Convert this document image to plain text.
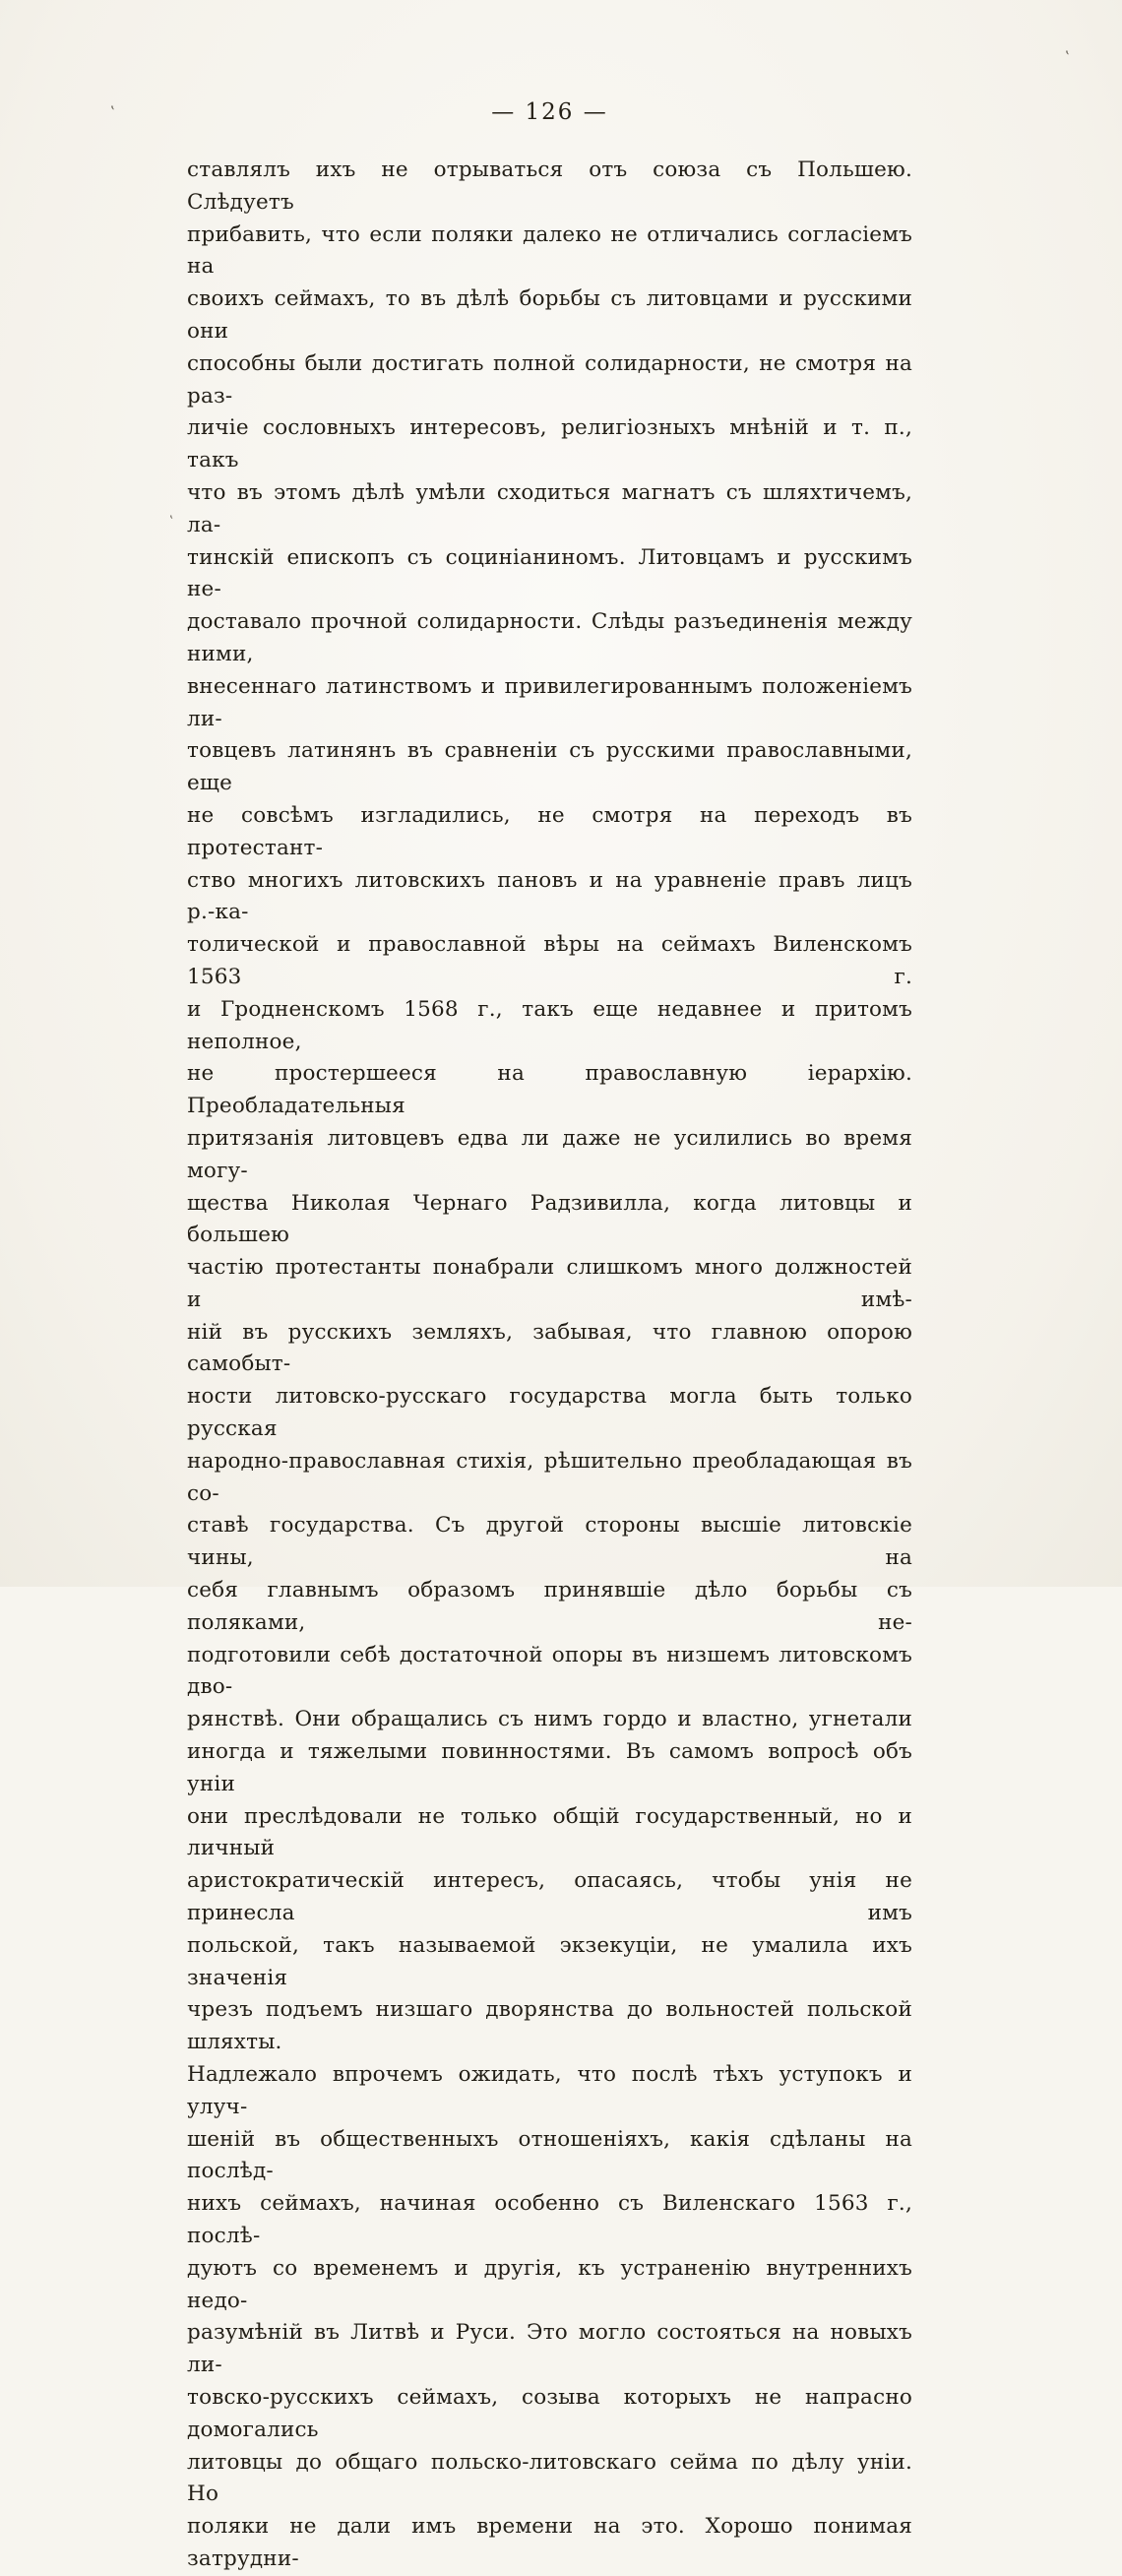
‛
‛
‛
— 126 —
ставлялъ ихъ не отрываться отъ союза съ Польшею. Слѣдуетъ
прибавить, что если поляки далеко не отличались согласіемъ на
своихъ сеймахъ, то въ дѣлѣ борьбы съ литовцами и русскими они
способны были достигать полной солидарности, не смотря на раз-
личіе сословныхъ интересовъ, религіозныхъ мнѣній и т. п., такъ
что въ этомъ дѣлѣ умѣли сходиться магнатъ съ шляхтичемъ, ла-
тинскій епископъ съ социніаниномъ. Литовцамъ и русскимъ не-
доставало прочной солидарности. Слѣды разъединенія между ними,
внесеннаго латинствомъ и привилегированнымъ положеніемъ ли-
товцевъ латинянъ въ сравненіи съ русскими православными, еще
не совсѣмъ изгладились, не смотря на переходъ въ протестант-
ство многихъ литовскихъ пановъ и на уравненіе правъ лицъ р.-ка-
толической и православной вѣры на сеймахъ Виленскомъ 1563 г.
и Гродненскомъ 1568 г., такъ еще недавнее и притомъ неполное,
не простершееся на православную іерархію. Преобладательныя
притязанія литовцевъ едва ли даже не усилились во время могу-
щества Николая Чернаго Радзивилла, когда литовцы и большею
частію протестанты понабрали слишкомъ много должностей и имѣ-
ній въ русскихъ земляхъ, забывая, что главною опорою самобыт-
ности литовско-русскаго государства могла быть только русская
народно-православная стихія, рѣшительно преобладающая въ со-
ставѣ государства. Съ другой стороны высшіе литовскіе чины, на
себя главнымъ образомъ принявшіе дѣло борьбы съ поляками, не-
подготовили себѣ достаточной опоры въ низшемъ литовскомъ дво-
рянствѣ. Они обращались съ нимъ гордо и властно, угнетали
иногда и тяжелыми повинностями. Въ самомъ вопросѣ объ уніи
они преслѣдовали не только общій государственный, но и личный
аристократическій интересъ, опасаясь, чтобы унія не принесла имъ
польской, такъ называемой экзекуціи, не умалила ихъ значенія
чрезъ подъемъ низшаго дворянства до вольностей польской шляхты.
Надлежало впрочемъ ожидать, что послѣ тѣхъ уступокъ и улуч-
шеній въ общественныхъ отношеніяхъ, какія сдѣланы на послѣд-
нихъ сеймахъ, начиная особенно съ Виленскаго 1563 г., послѣ-
дуютъ со временемъ и другія, къ устраненію внутреннихъ недо-
разумѣній въ Литвѣ и Руси. Это могло состояться на новыхъ ли-
товско-русскихъ сеймахъ, созыва которыхъ не напрасно домогались
литовцы до общаго польско-литовскаго сейма по дѣлу уніи. Но
поляки не дали имъ времени на это. Хорошо понимая затрудни-
